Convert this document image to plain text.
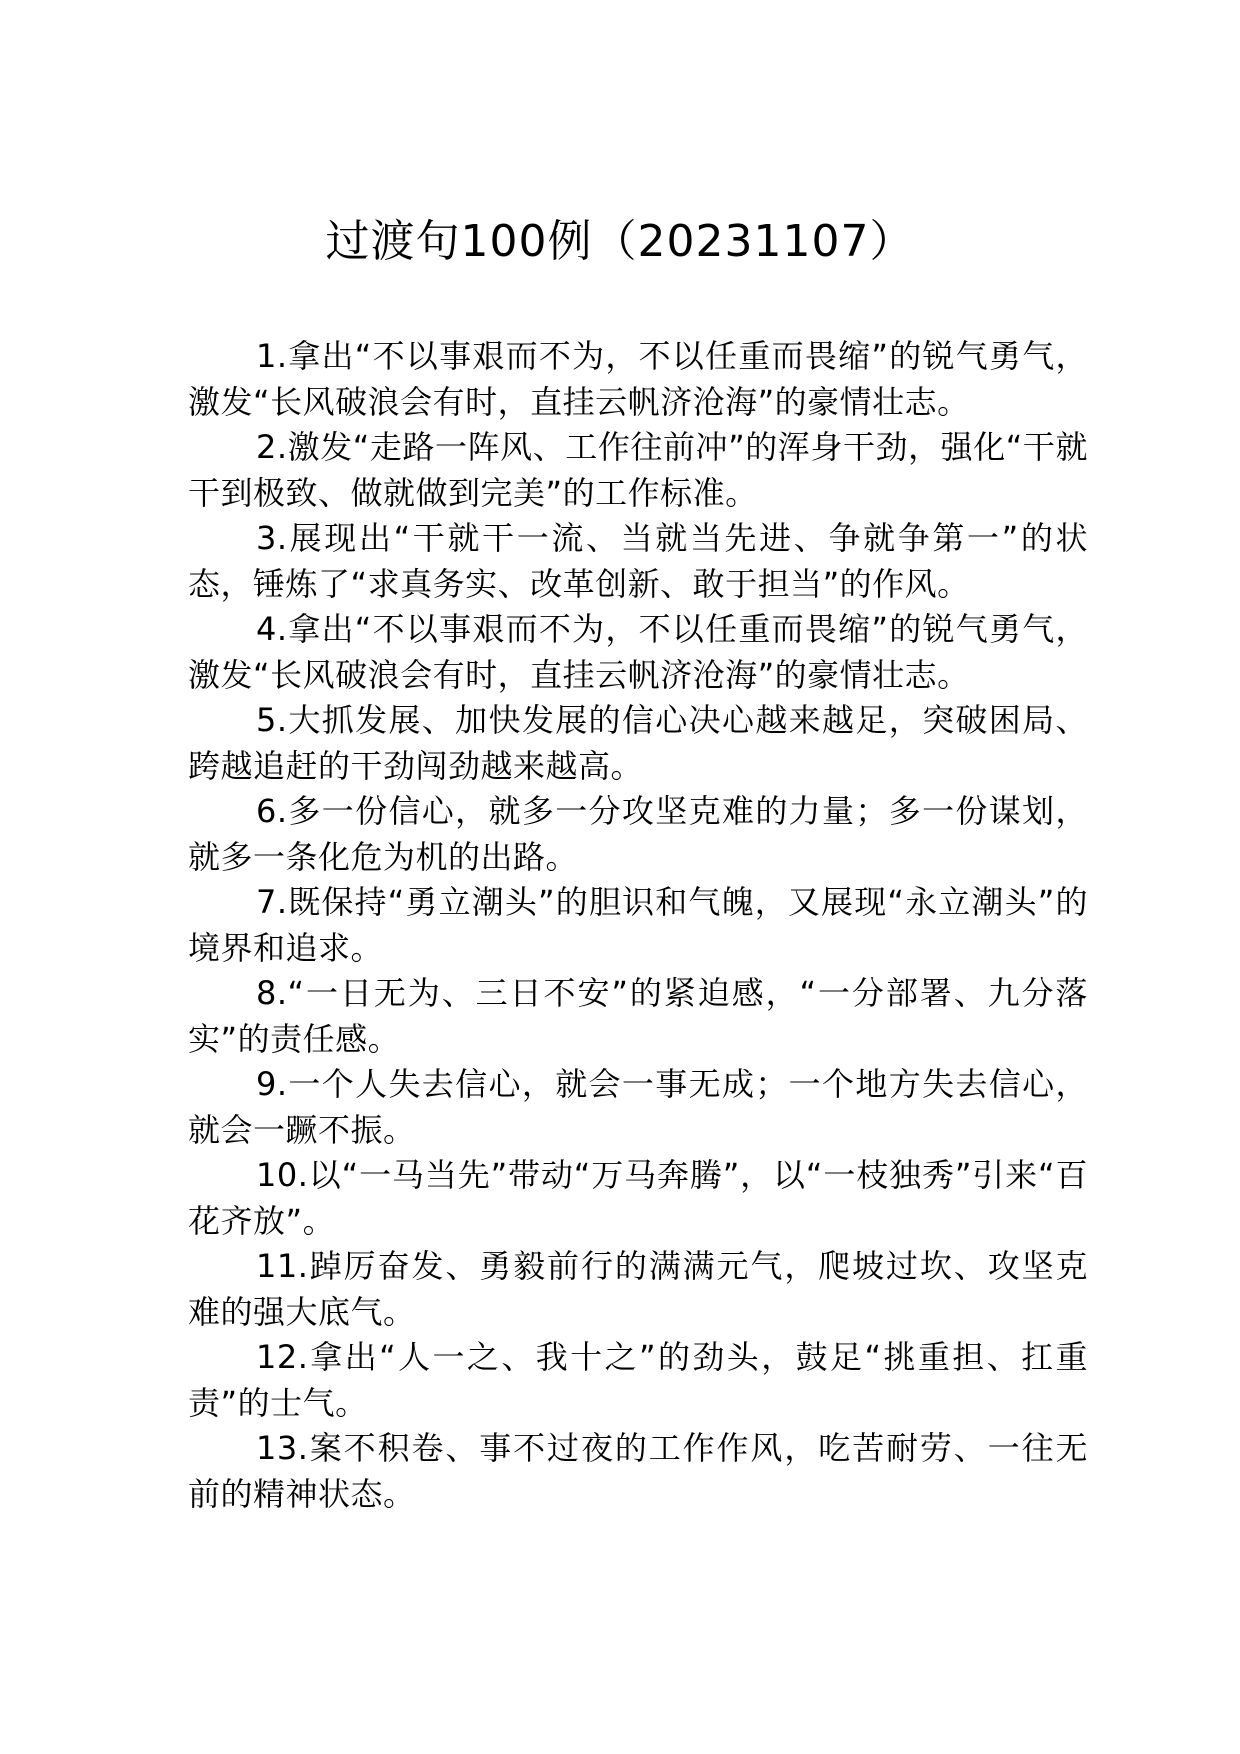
过渡句100例（20231107）

1.拿出“不以事艰而不为，不以任重而畏缩”的锐气勇气，激发“长风破浪会有时，直挂云帆济沧海”的豪情壮志。

2.激发“走路一阵风、工作往前冲”的浑身干劲，强化“干就干到极致、做就做到完美”的工作标准。

3.展现出“干就干一流、当就当先进、争就争第一”的状态，锤炼了“求真务实、改革创新、敢于担当”的作风。

4.拿出“不以事艰而不为，不以任重而畏缩”的锐气勇气，激发“长风破浪会有时，直挂云帆济沧海”的豪情壮志。

5.大抓发展、加快发展的信心决心越来越足，突破困局、跨越追赶的干劲闯劲越来越高。

6.多一份信心，就多一分攻坚克难的力量；多一份谋划，就多一条化危为机的出路。

7.既保持“勇立潮头”的胆识和气魄，又展现“永立潮头”的境界和追求。

8.“一日无为、三日不安”的紧迫感，“一分部署、九分落实”的责任感。

9.一个人失去信心，就会一事无成；一个地方失去信心，就会一蹶不振。

10.以“一马当先”带动“万马奔腾”，以“一枝独秀”引来“百花齐放”。

11.踔厉奋发、勇毅前行的满满元气，爬坡过坎、攻坚克难的强大底气。

12.拿出“人一之、我十之”的劲头，鼓足“挑重担、扛重责”的士气。

13.案不积卷、事不过夜的工作作风，吃苦耐劳、一往无前的精神状态。
